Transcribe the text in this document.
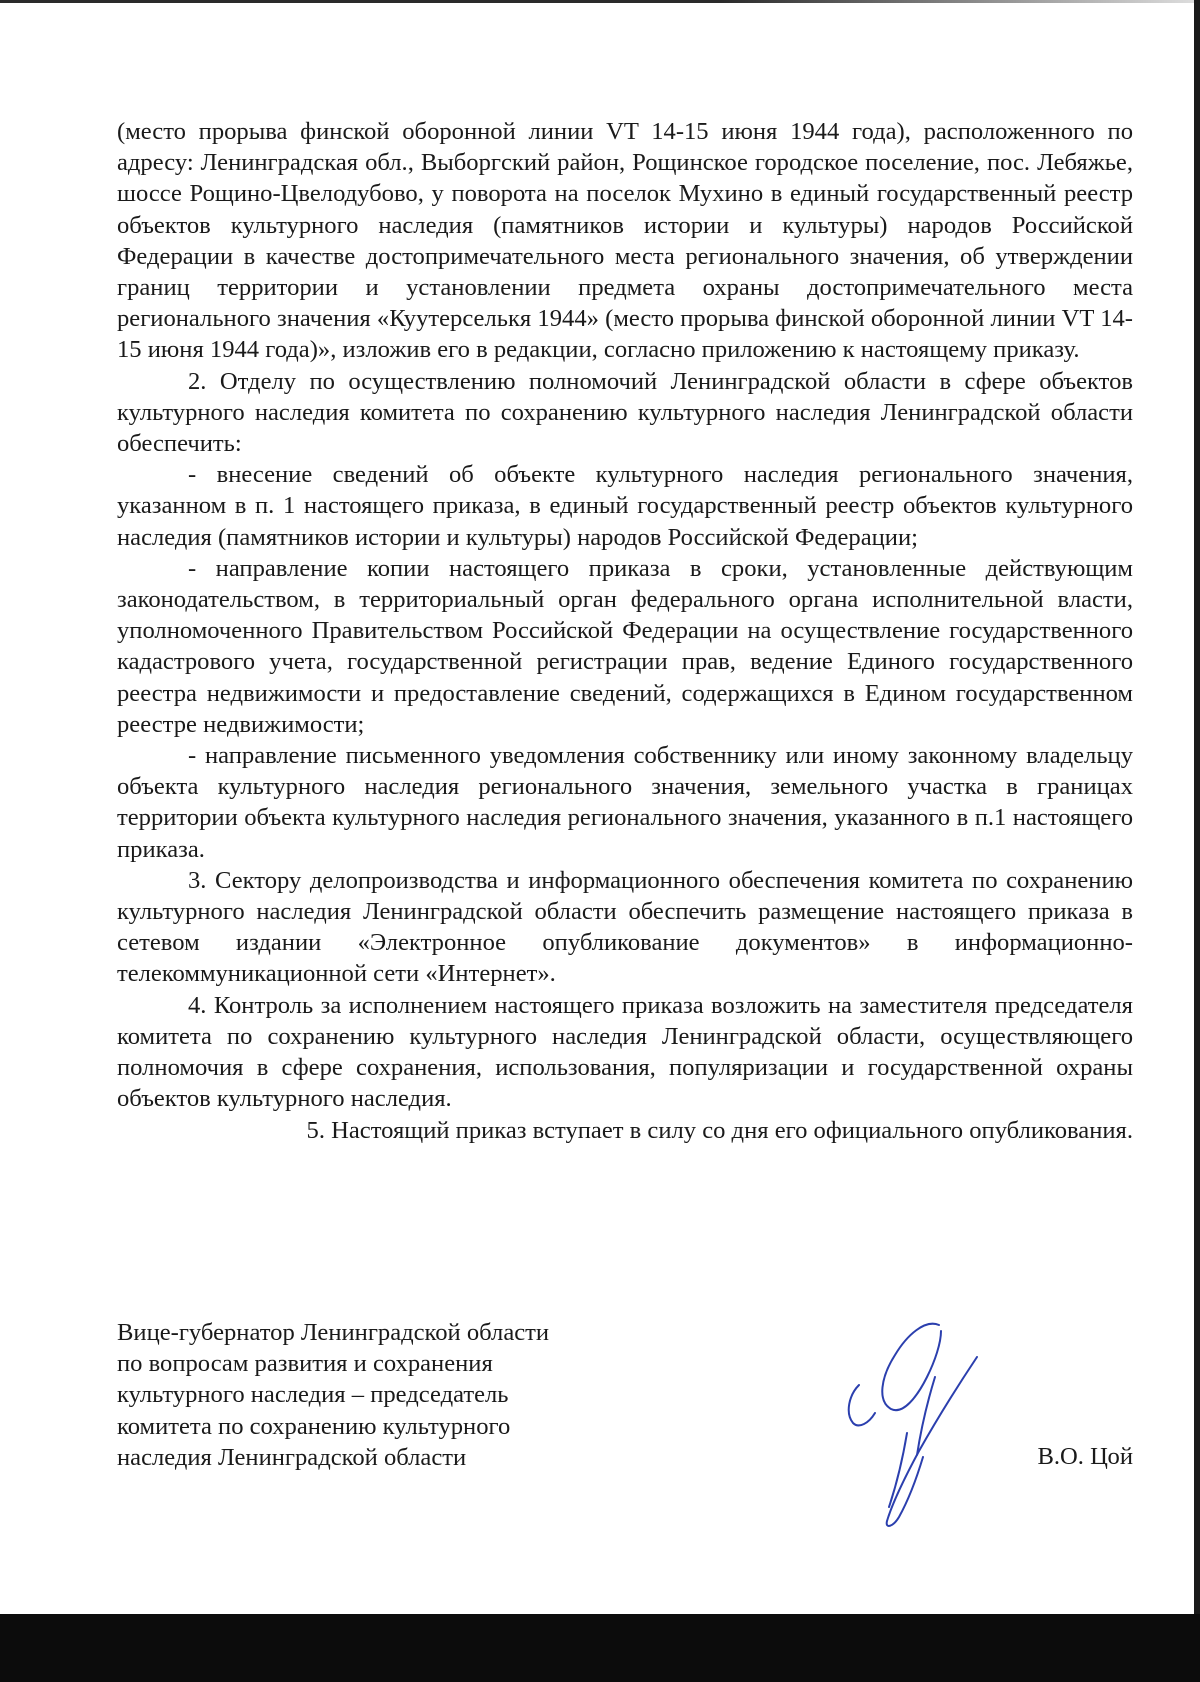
(место прорыва финской оборонной линии VT 14-15 июня 1944 года), расположенного по адресу: Ленинградская обл., Выборгский район, Рощинское городское поселение, пос. Лебяжье, шоссе Рощино-Цвелодубово, у поворота на поселок Мухино в единый государственный реестр объектов культурного наследия (памятников истории и культуры) народов Российской Федерации в качестве достопримечательного места регионального значения, об утверждении границ территории и установлении предмета охраны достопримечательного места регионального значения «Куутерселькя 1944» (место прорыва финской оборонной линии VT 14-15 июня 1944 года)», изложив его в редакции, согласно приложению к настоящему приказу.

2. Отделу по осуществлению полномочий Ленинградской области в сфере объектов культурного наследия комитета по сохранению культурного наследия Ленинградской области обеспечить:

- внесение сведений об объекте культурного наследия регионального значения, указанном в п. 1 настоящего приказа, в единый государственный реестр объектов культурного наследия (памятников истории и культуры) народов Российской Федерации;

- направление копии настоящего приказа в сроки, установленные действующим законодательством, в территориальный орган федерального органа исполнительной власти, уполномоченного Правительством Российской Федерации на осуществление государственного кадастрового учета, государственной регистрации прав, ведение Единого государственного реестра недвижимости и предоставление сведений, содержащихся в Едином государственном реестре недвижимости;

- направление письменного уведомления собственнику или иному законному владельцу объекта культурного наследия регионального значения, земельного участка в границах территории объекта культурного наследия регионального значения, указанного в п.1 настоящего приказа.

3. Сектору делопроизводства и информационного обеспечения комитета по сохранению культурного наследия Ленинградской области обеспечить размещение настоящего приказа в сетевом издании «Электронное опубликование документов» в информационно-телекоммуникационной сети «Интернет».

4. Контроль за исполнением настоящего приказа возложить на заместителя председателя комитета по сохранению культурного наследия Ленинградской области, осуществляющего полномочия в сфере сохранения, использования, популяризации и государственной охраны объектов культурного наследия.

5. Настоящий приказ вступает в силу со дня его официального опубликования.

Вице-губернатор Ленинградской области
по вопросам развития и сохранения
культурного наследия – председатель
комитета по сохранению культурного
наследия Ленинградской области	В.О. Цой
